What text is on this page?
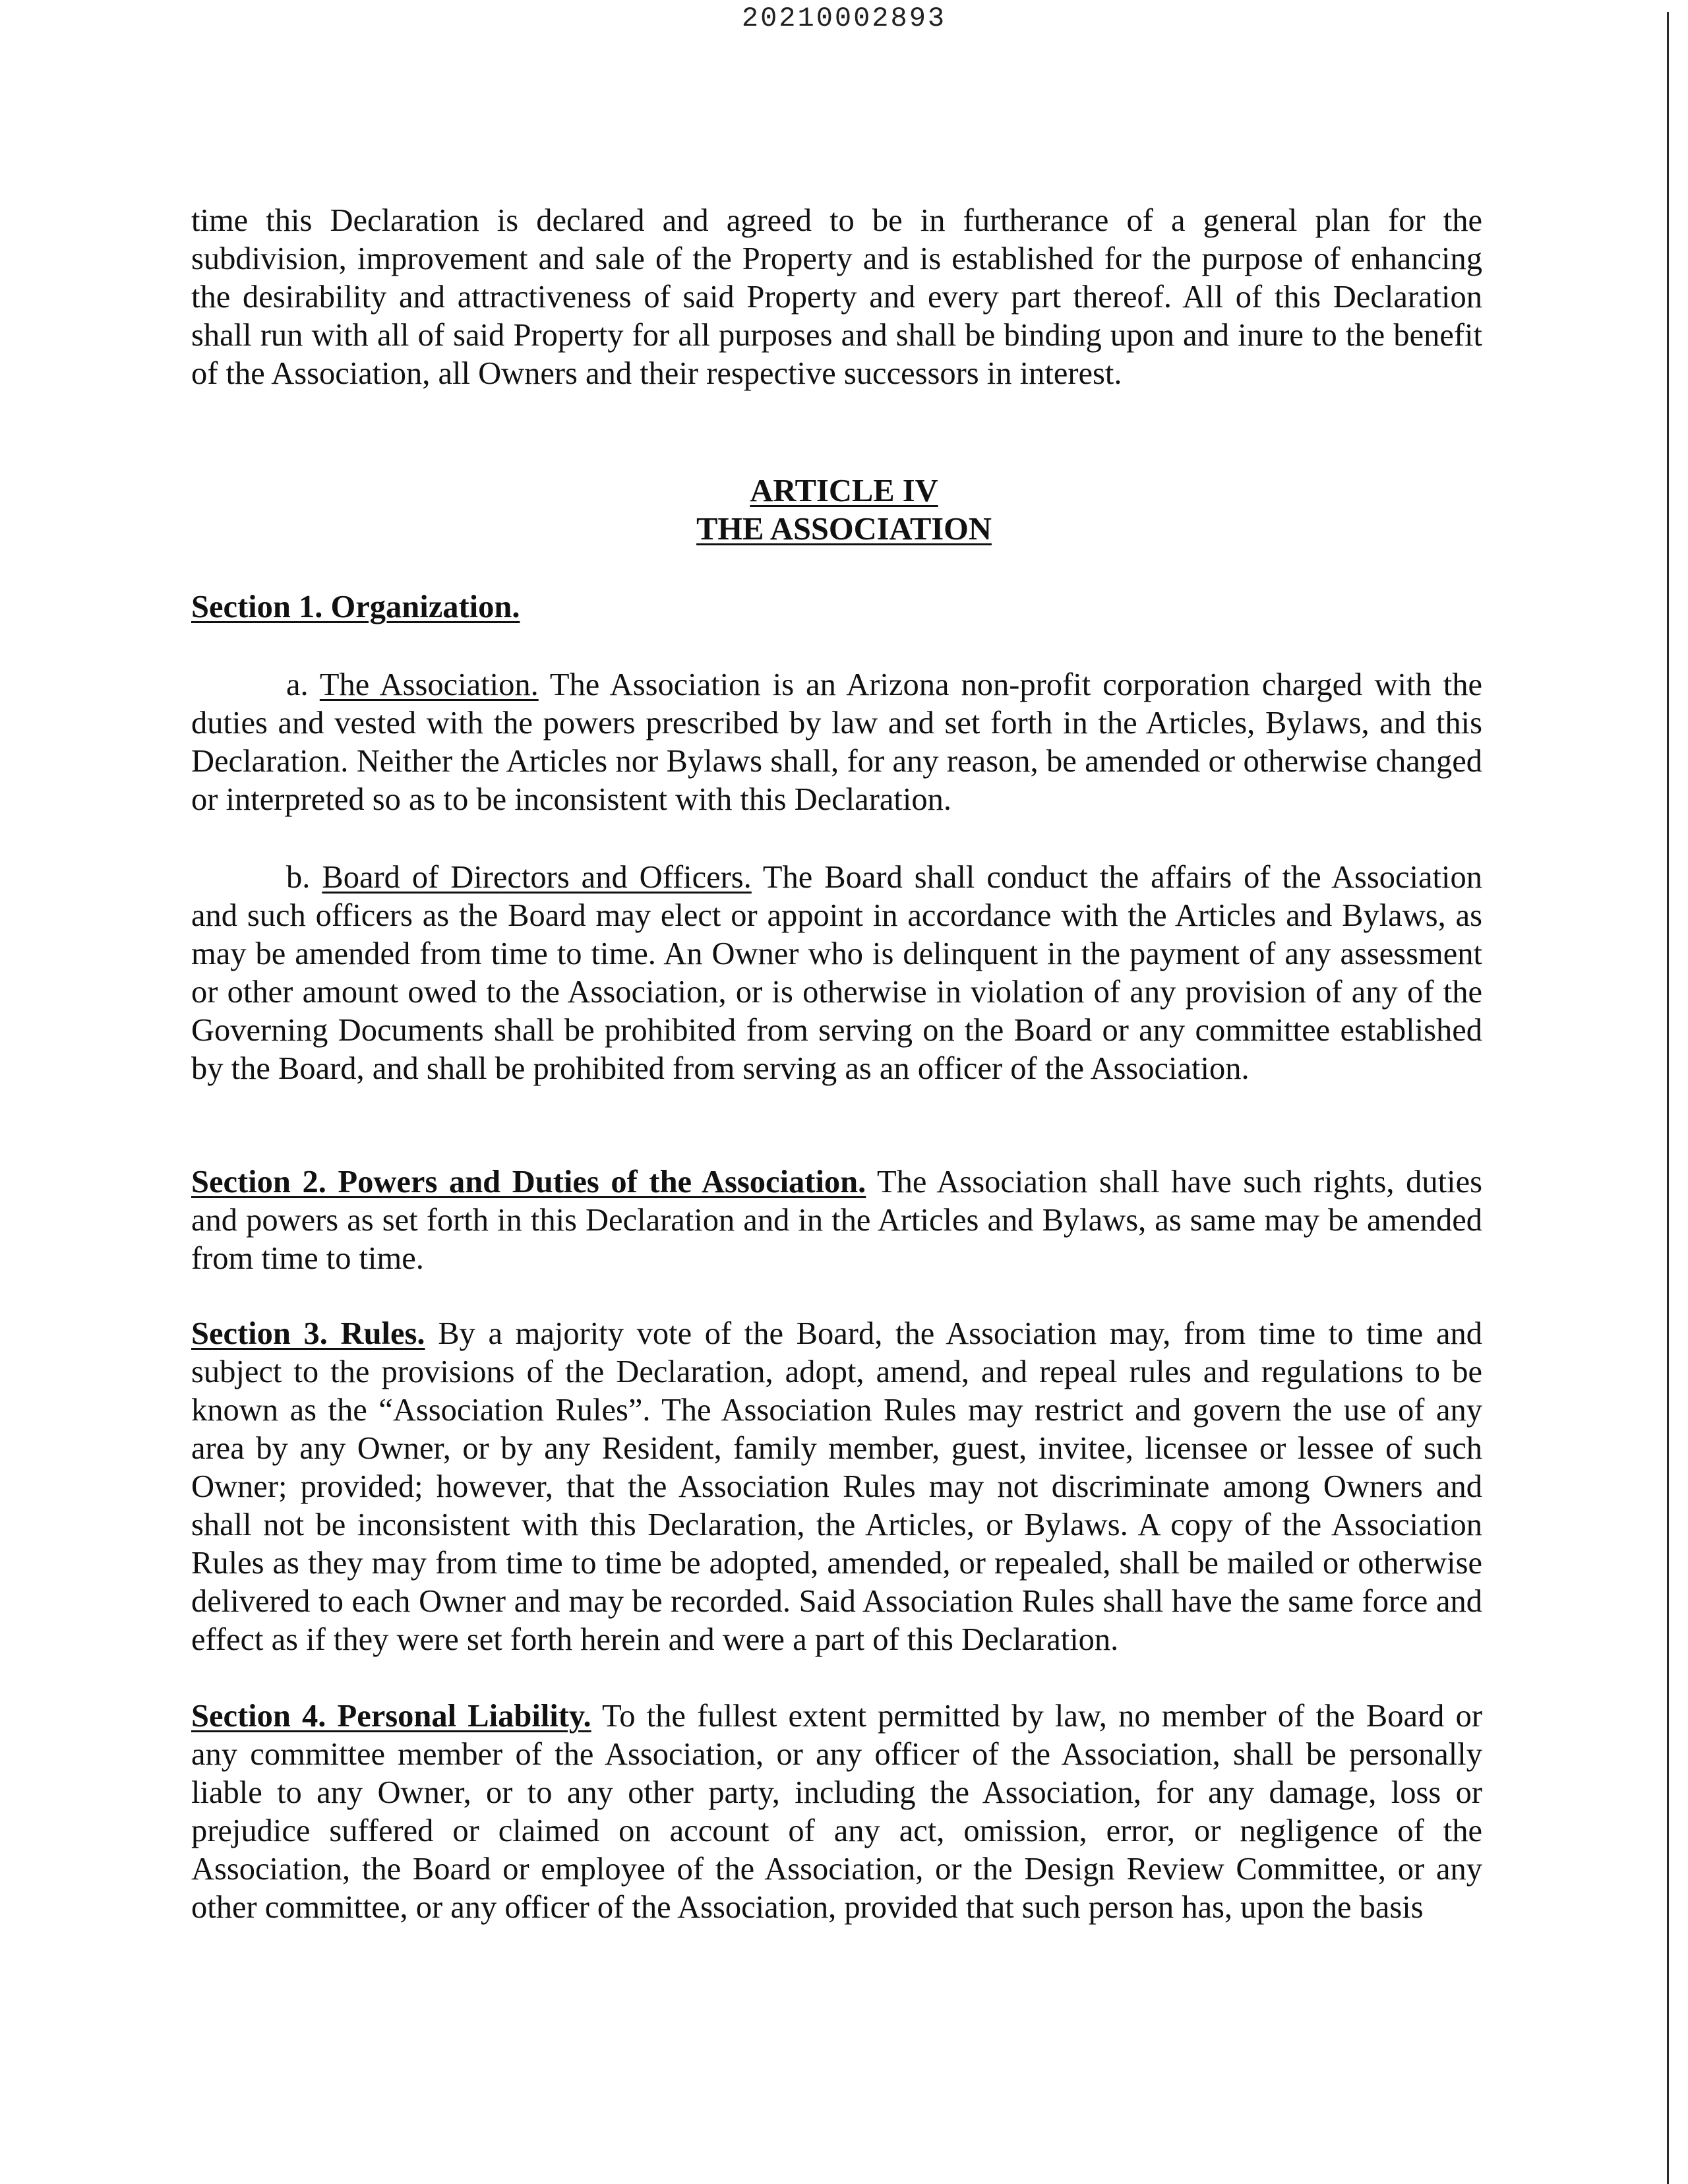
20210002893

time this Declaration is declared and agreed to be in furtherance of a general plan for the subdivision, improvement and sale of the Property and is established for the purpose of enhancing the desirability and attractiveness of said Property and every part thereof. All of this Declaration shall run with all of said Property for all purposes and shall be binding upon and inure to the benefit of the Association, all Owners and their respective successors in interest.

ARTICLE IV

THE ASSOCIATION

Section 1. Organization.

a. The Association. The Association is an Arizona non-profit corporation charged with the duties and vested with the powers prescribed by law and set forth in the Articles, Bylaws, and this Declaration. Neither the Articles nor Bylaws shall, for any reason, be amended or otherwise changed or interpreted so as to be inconsistent with this Declaration.

b. Board of Directors and Officers. The Board shall conduct the affairs of the Association and such officers as the Board may elect or appoint in accordance with the Articles and Bylaws, as may be amended from time to time. An Owner who is delinquent in the payment of any assessment or other amount owed to the Association, or is otherwise in violation of any provision of any of the Governing Documents shall be prohibited from serving on the Board or any committee established by the Board, and shall be prohibited from serving as an officer of the Association.

Section 2. Powers and Duties of the Association. The Association shall have such rights, duties and powers as set forth in this Declaration and in the Articles and Bylaws, as same may be amended from time to time.

Section 3. Rules. By a majority vote of the Board, the Association may, from time to time and subject to the provisions of the Declaration, adopt, amend, and repeal rules and regulations to be known as the “Association Rules”. The Association Rules may restrict and govern the use of any area by any Owner, or by any Resident, family member, guest, invitee, licensee or lessee of such Owner; provided; however, that the Association Rules may not discriminate among Owners and shall not be inconsistent with this Declaration, the Articles, or Bylaws. A copy of the Association Rules as they may from time to time be adopted, amended, or repealed, shall be mailed or otherwise delivered to each Owner and may be recorded. Said Association Rules shall have the same force and effect as if they were set forth herein and were a part of this Declaration.

Section 4. Personal Liability. To the fullest extent permitted by law, no member of the Board or any committee member of the Association, or any officer of the Association, shall be personally liable to any Owner, or to any other party, including the Association, for any damage, loss or prejudice suffered or claimed on account of any act, omission, error, or negligence of the Association, the Board or employee of the Association, or the Design Review Committee, or any other committee, or any officer of the Association, provided that such person has, upon the basis
